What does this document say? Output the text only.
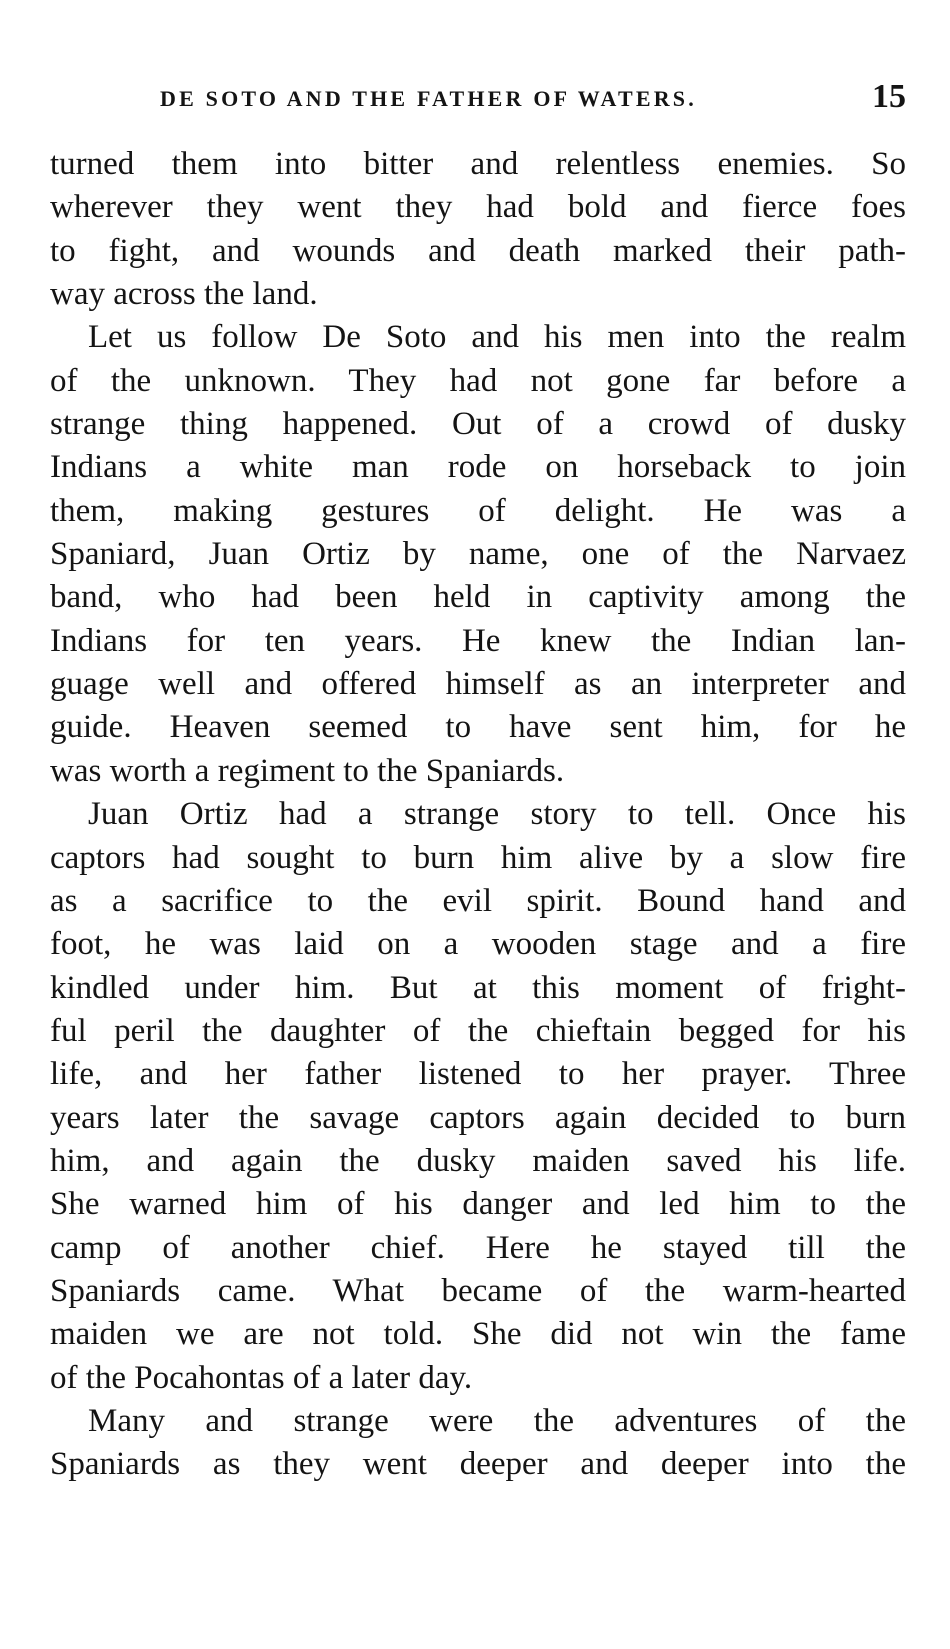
DE SOTO AND THE FATHER OF WATERS.	15
turned them into bitter and relentless enemies. So
wherever they went they had bold and fierce foes
to fight, and wounds and death marked their path-
way across the land.
Let us follow De Soto and his men into the realm
of the unknown. They had not gone far before a
strange thing happened. Out of a crowd of dusky
Indians a white man rode on horseback to join
them, making gestures of delight. He was a
Spaniard, Juan Ortiz by name, one of the Narvaez
band, who had been held in captivity among the
Indians for ten years. He knew the Indian lan-
guage well and offered himself as an interpreter and
guide. Heaven seemed to have sent him, for he
was worth a regiment to the Spaniards.
Juan Ortiz had a strange story to tell. Once his
captors had sought to burn him alive by a slow fire
as a sacrifice to the evil spirit. Bound hand and
foot, he was laid on a wooden stage and a fire
kindled under him. But at this moment of fright-
ful peril the daughter of the chieftain begged for his
life, and her father listened to her prayer. Three
years later the savage captors again decided to burn
him, and again the dusky maiden saved his life.
She warned him of his danger and led him to the
camp of another chief. Here he stayed till the
Spaniards came. What became of the warm-hearted
maiden we are not told. She did not win the fame
of the Pocahontas of a later day.
Many and strange were the adventures of the
Spaniards as they went deeper and deeper into the
